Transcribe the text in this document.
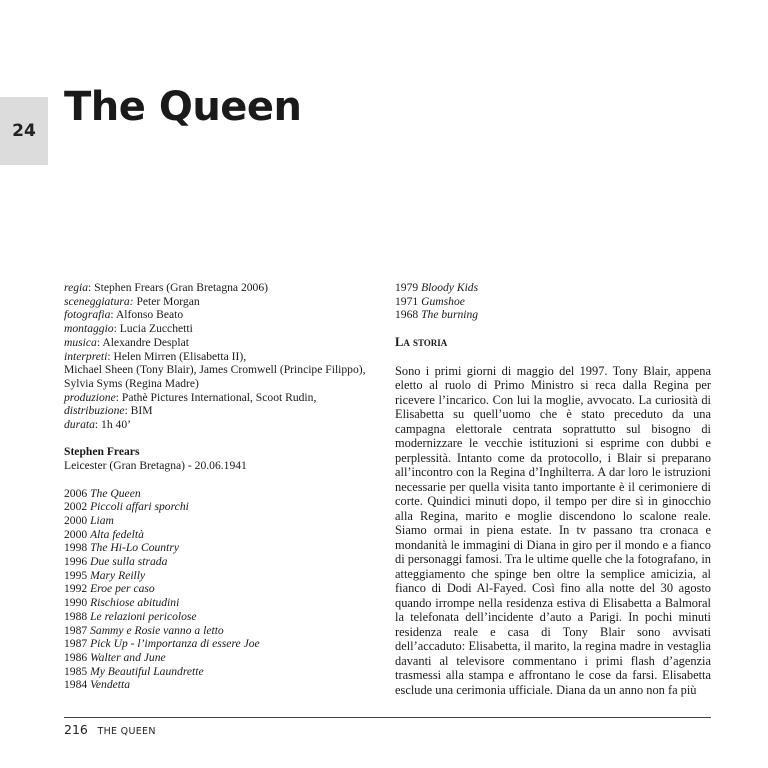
24
The Queen
regia: Stephen Frears (Gran Bretagna 2006)
sceneggiatura: Peter Morgan
fotografia: Alfonso Beato
montaggio: Lucia Zucchetti
musica: Alexandre Desplat
interpreti: Helen Mirren (Elisabetta II),
Michael Sheen (Tony Blair), James Cromwell (Principe Filippo),
Sylvia Syms (Regina Madre)
produzione: Pathè Pictures International, Scoot Rudin,
distribuzione: BIM
durata: 1h 40’
Stephen Frears
Leicester (Gran Bretagna) - 20.06.1941
2006 The Queen
2002 Piccoli affari sporchi
2000 Liam
2000 Alta fedeltà
1998 The Hi-Lo Country
1996 Due sulla strada
1995 Mary Reilly
1992 Eroe per caso
1990 Rischiose abitudini
1988 Le relazioni pericolose
1987 Sammy e Rosie vanno a letto
1987 Pick Up - l’importanza di essere Joe
1986 Walter and June
1985 My Beautiful Laundrette
1984 Vendetta
1979 Bloody Kids
1971 Gumshoe
1968 The burning
La storia

Sono i primi giorni di maggio del 1997. Tony Blair, appena eletto al ruolo di Primo Ministro si reca dalla Regina per ricevere l’incarico. Con lui la moglie, avvocato. La curiosità di Elisabetta su quell’uomo che è stato preceduto da una campagna elettorale centrata soprattutto sul bisogno di modernizzare le vecchie istituzioni si esprime con dubbi e perplessità. Intanto come da protocollo, i Blair si preparano all’incontro con la Regina d’Inghilterra. A dar loro le istruzioni necessarie per quella visita tanto importante è il cerimoniere di corte. Quindici minuti dopo, il tempo per dire sì in ginocchio alla Regina, marito e moglie discendono lo scalone reale. Siamo ormai in piena estate. In tv passano tra cronaca e mondanità le immagini di Diana in giro per il mondo e a fianco di personaggi famosi. Tra le ultime quelle che la fotografano, in atteggiamento che spinge ben oltre la semplice amicizia, al fianco di Dodi Al-Fayed. Così fino alla notte del 30 agosto quando irrompe nella residenza estiva di Elisabetta a Balmoral la telefonata dell’incidente d’auto a Parigi. In pochi minuti residenza reale e casa di Tony Blair sono avvisati dell’accaduto: Elisabetta, il marito, la regina madre in vestaglia davanti al televisore commentano i primi flash d’agenzia trasmessi alla stampa e affrontano le cose da farsi. Elisabetta esclude una cerimonia ufficiale. Diana da un anno non fa più

216 THE QUEEN
